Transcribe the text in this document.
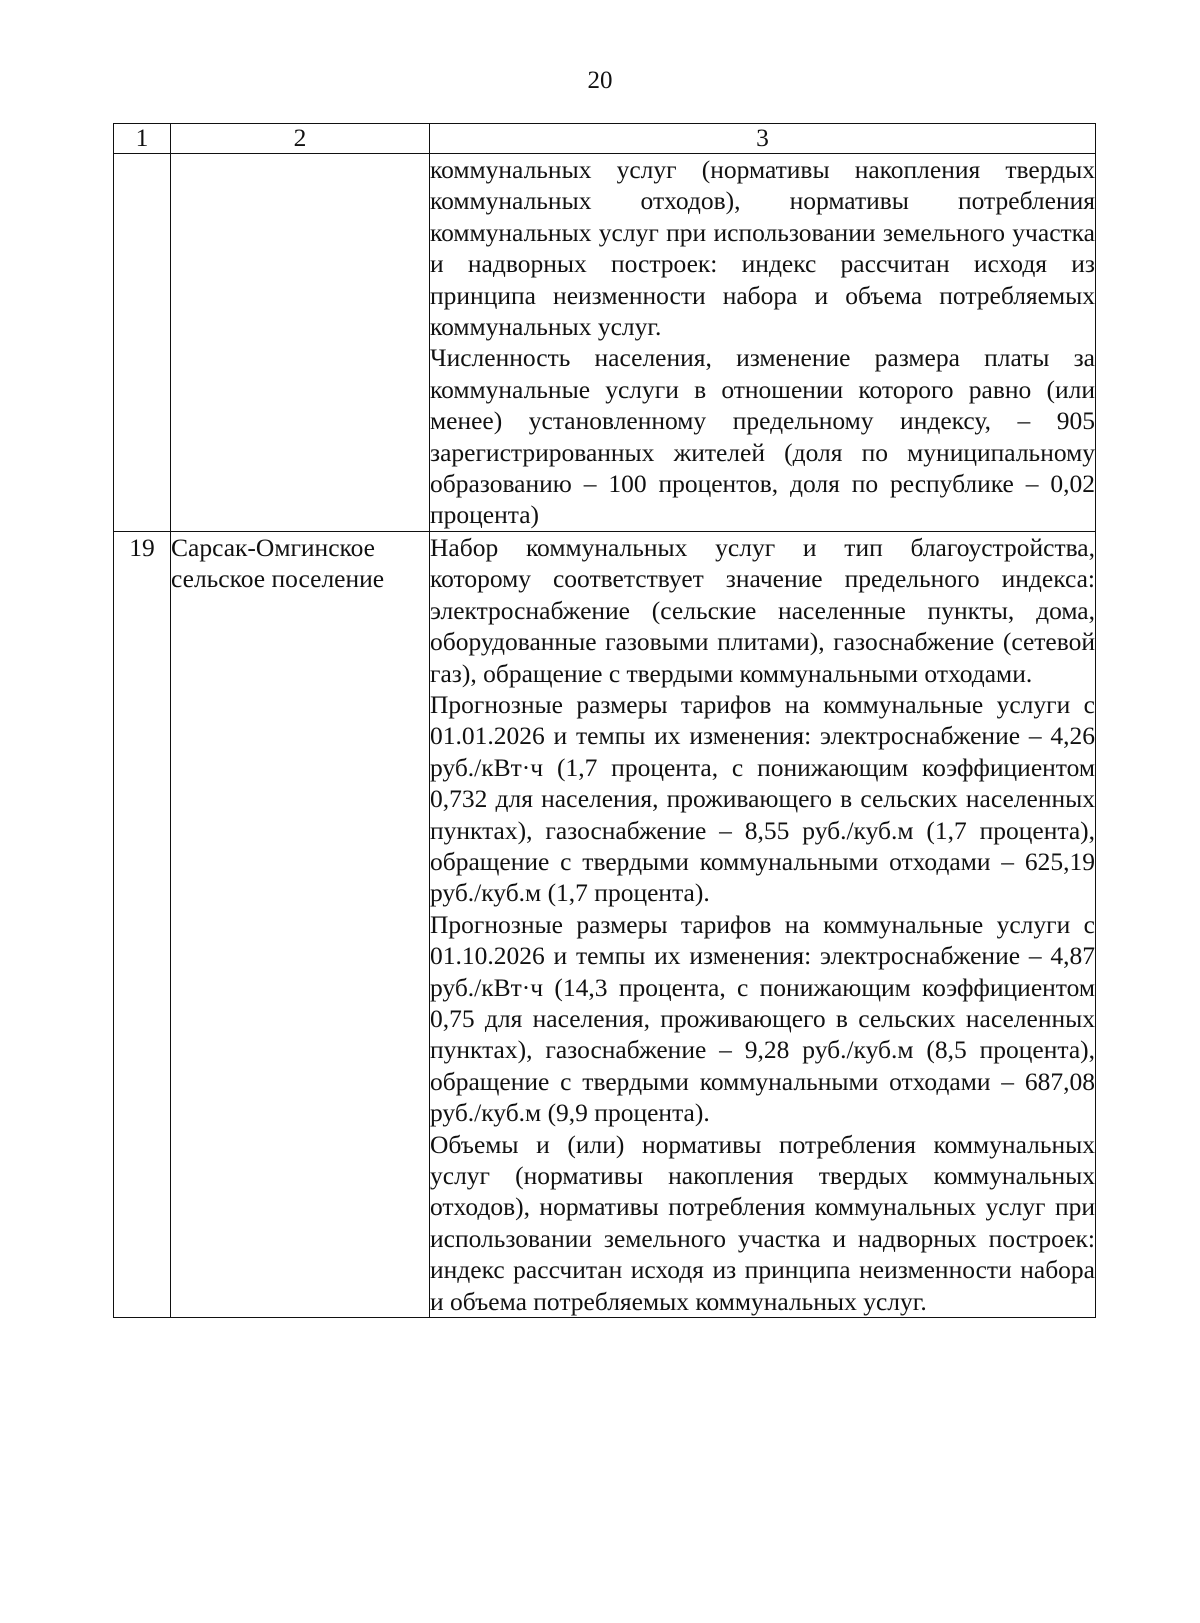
20
1	2	3

		коммунальных услуг (нормативы накопления твердых коммунальных отходов), нормативы потребления коммунальных услуг при использовании земельного участка и надворных построек: индекс рассчитан исходя из принципа неизменности набора и объема потребляемых коммунальных услуг.

Численность населения, изменение размера платы за коммунальные услуги в отношении которого равно (или менее) установленному предельному индексу, – 905 зарегистрированных жителей (доля по муниципальному образованию – 100 процентов, доля по республике – 0,02 процента)

19	Сарсак-Омгинское сельское поселение	Набор коммунальных услуг и тип благоустройства, которому соответствует значение предельного индекса: электроснабжение (сельские населенные пункты, дома, оборудованные газовыми плитами), газоснабжение (сетевой газ), обращение с твердыми коммунальными отходами.

Прогнозные размеры тарифов на коммунальные услуги с 01.01.2026 и темпы их изменения: электроснабжение – 4,26 руб./кВт·ч (1,7 процента, с понижающим коэффициентом 0,732 для населения, проживающего в сельских населенных пунктах), газоснабжение – 8,55 руб./куб.м (1,7 процента), обращение с твердыми коммунальными отходами – 625,19 руб./куб.м (1,7 процента).

Прогнозные размеры тарифов на коммунальные услуги с 01.10.2026 и темпы их изменения: электроснабжение – 4,87 руб./кВт·ч (14,3 процента, с понижающим коэффициентом 0,75 для населения, проживающего в сельских населенных пунктах), газоснабжение – 9,28 руб./куб.м (8,5 процента), обращение с твердыми коммунальными отходами – 687,08 руб./куб.м (9,9 процента).

Объемы и (или) нормативы потребления коммунальных услуг (нормативы накопления твердых коммунальных отходов), нормативы потребления коммунальных услуг при использовании земельного участка и надворных построек: индекс рассчитан исходя из принципа неизменности набора и объема потребляемых коммунальных услуг.
